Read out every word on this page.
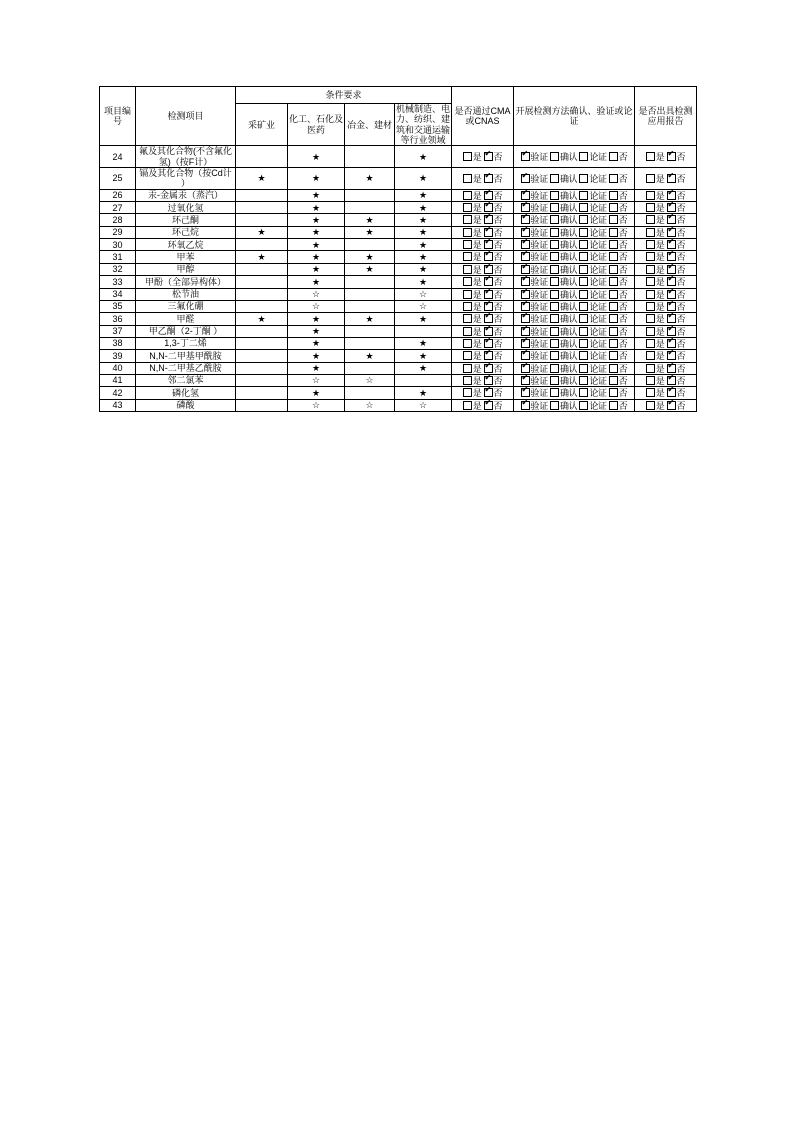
项目编号	检测项目	条件要求				是否通过CMA或CNAS	开展检测方法确认、验证或论证	是否出具检测应用报告
		采矿业	化工、石化及医药	冶金、建材	机械制造、电力、纺织、建筑和交通运输等行业领域			
24	氟及其化合物(不含氟化氢)（按F计）		★		★	是 ✔ 否	✔验证 确认 论证 否	是 ✔ 否
25	镉及其化合物（按Cd计 ）	★	★	★	★	是 ✔ 否	✔验证 确认 论证 否	是 ✔ 否
26	汞-金属汞（蒸汽）		★		★	是 ✔ 否	✔验证 确认 论证 否	是 ✔ 否
27	过氧化氢		★		★	是 ✔ 否	✔验证 确认 论证 否	是 ✔ 否
28	环己酮		★	★	★	是 ✔ 否	✔验证 确认 论证 否	是 ✔ 否
29	环己烷	★	★	★	★	是 ✔ 否	✔验证 确认 论证 否	是 ✔ 否
30	环氧乙烷		★		★	是 ✔ 否	✔验证 确认 论证 否	是 ✔ 否
31	甲苯	★	★	★	★	是 ✔ 否	✔验证 确认 论证 否	是 ✔ 否
32	甲醇		★	★	★	是 ✔ 否	✔验证 确认 论证 否	是 ✔ 否
33	甲酚（全部异构体）		★		★	是 ✔ 否	✔验证 确认 论证 否	是 ✔ 否
34	松节油		☆		☆	是 ✔ 否	✔验证 确认 论证 否	是 ✔ 否
35	三氟化硼		☆		☆	是 ✔ 否	✔验证 确认 论证 否	是 ✔ 否
36	甲醛	★	★	★	★	是 ✔ 否	✔验证 确认 论证 否	是 ✔ 否
37	甲乙酮（2-丁酮 ）		★			是 ✔ 否	✔验证 确认 论证 否	是 ✔ 否
38	1,3-丁二烯		★		★	是 ✔ 否	✔验证 确认 论证 否	是 ✔ 否
39	N,N-二甲基甲酰胺		★	★	★	是 ✔ 否	✔验证 确认 论证 否	是 ✔ 否
40	N,N-二甲基乙酰胺		★		★	是 ✔ 否	✔验证 确认 论证 否	是 ✔ 否
41	邻二氯苯		☆	☆		是 ✔ 否	✔验证 确认 论证 否	是 ✔ 否
42	磷化氢		★		★	是 ✔ 否	✔验证 确认 论证 否	是 ✔ 否
43	磷酸		☆	☆	☆	是 ✔ 否	✔验证 确认 论证 否	是 ✔ 否
